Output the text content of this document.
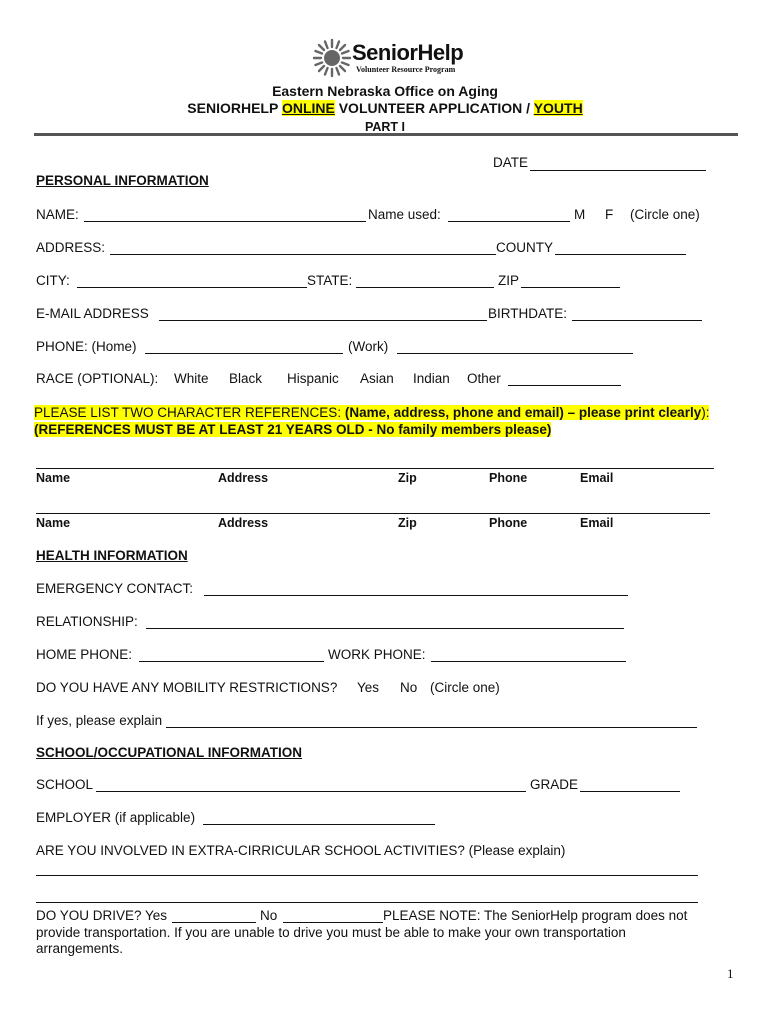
SeniorHelp
Volunteer Resource Program
Eastern Nebraska Office on Aging
SENIORHELP ONLINE VOLUNTEER APPLICATION / YOUTH
PART I
DATE
PERSONAL INFORMATION
NAME:	Name used:	M F (Circle one)
ADDRESS:	COUNTY
CITY:	STATE:	ZIP
E-MAIL ADDRESS	BIRTHDATE:
PHONE: (Home)	(Work)
RACE (OPTIONAL): White Black Hispanic Asian Indian Other
PLEASE LIST TWO CHARACTER REFERENCES: (Name, address, phone and email) – please print clearly):
(REFERENCES MUST BE AT LEAST 21 YEARS OLD - No family members please)
Name	Address	Zip	Phone	Email
Name	Address	Zip	Phone	Email
HEALTH INFORMATION
EMERGENCY CONTACT:
RELATIONSHIP:
HOME PHONE:	WORK PHONE:
DO YOU HAVE ANY MOBILITY RESTRICTIONS? Yes No (Circle one)
If yes, please explain
SCHOOL/OCCUPATIONAL INFORMATION
SCHOOL	GRADE
EMPLOYER (if applicable)
ARE YOU INVOLVED IN EXTRA-CIRRICULAR SCHOOL ACTIVITIES? (Please explain)
DO YOU DRIVE? Yes	No	PLEASE NOTE: The SeniorHelp program does not provide transportation. If you are unable to drive you must be able to make your own transportation arrangements.
1
